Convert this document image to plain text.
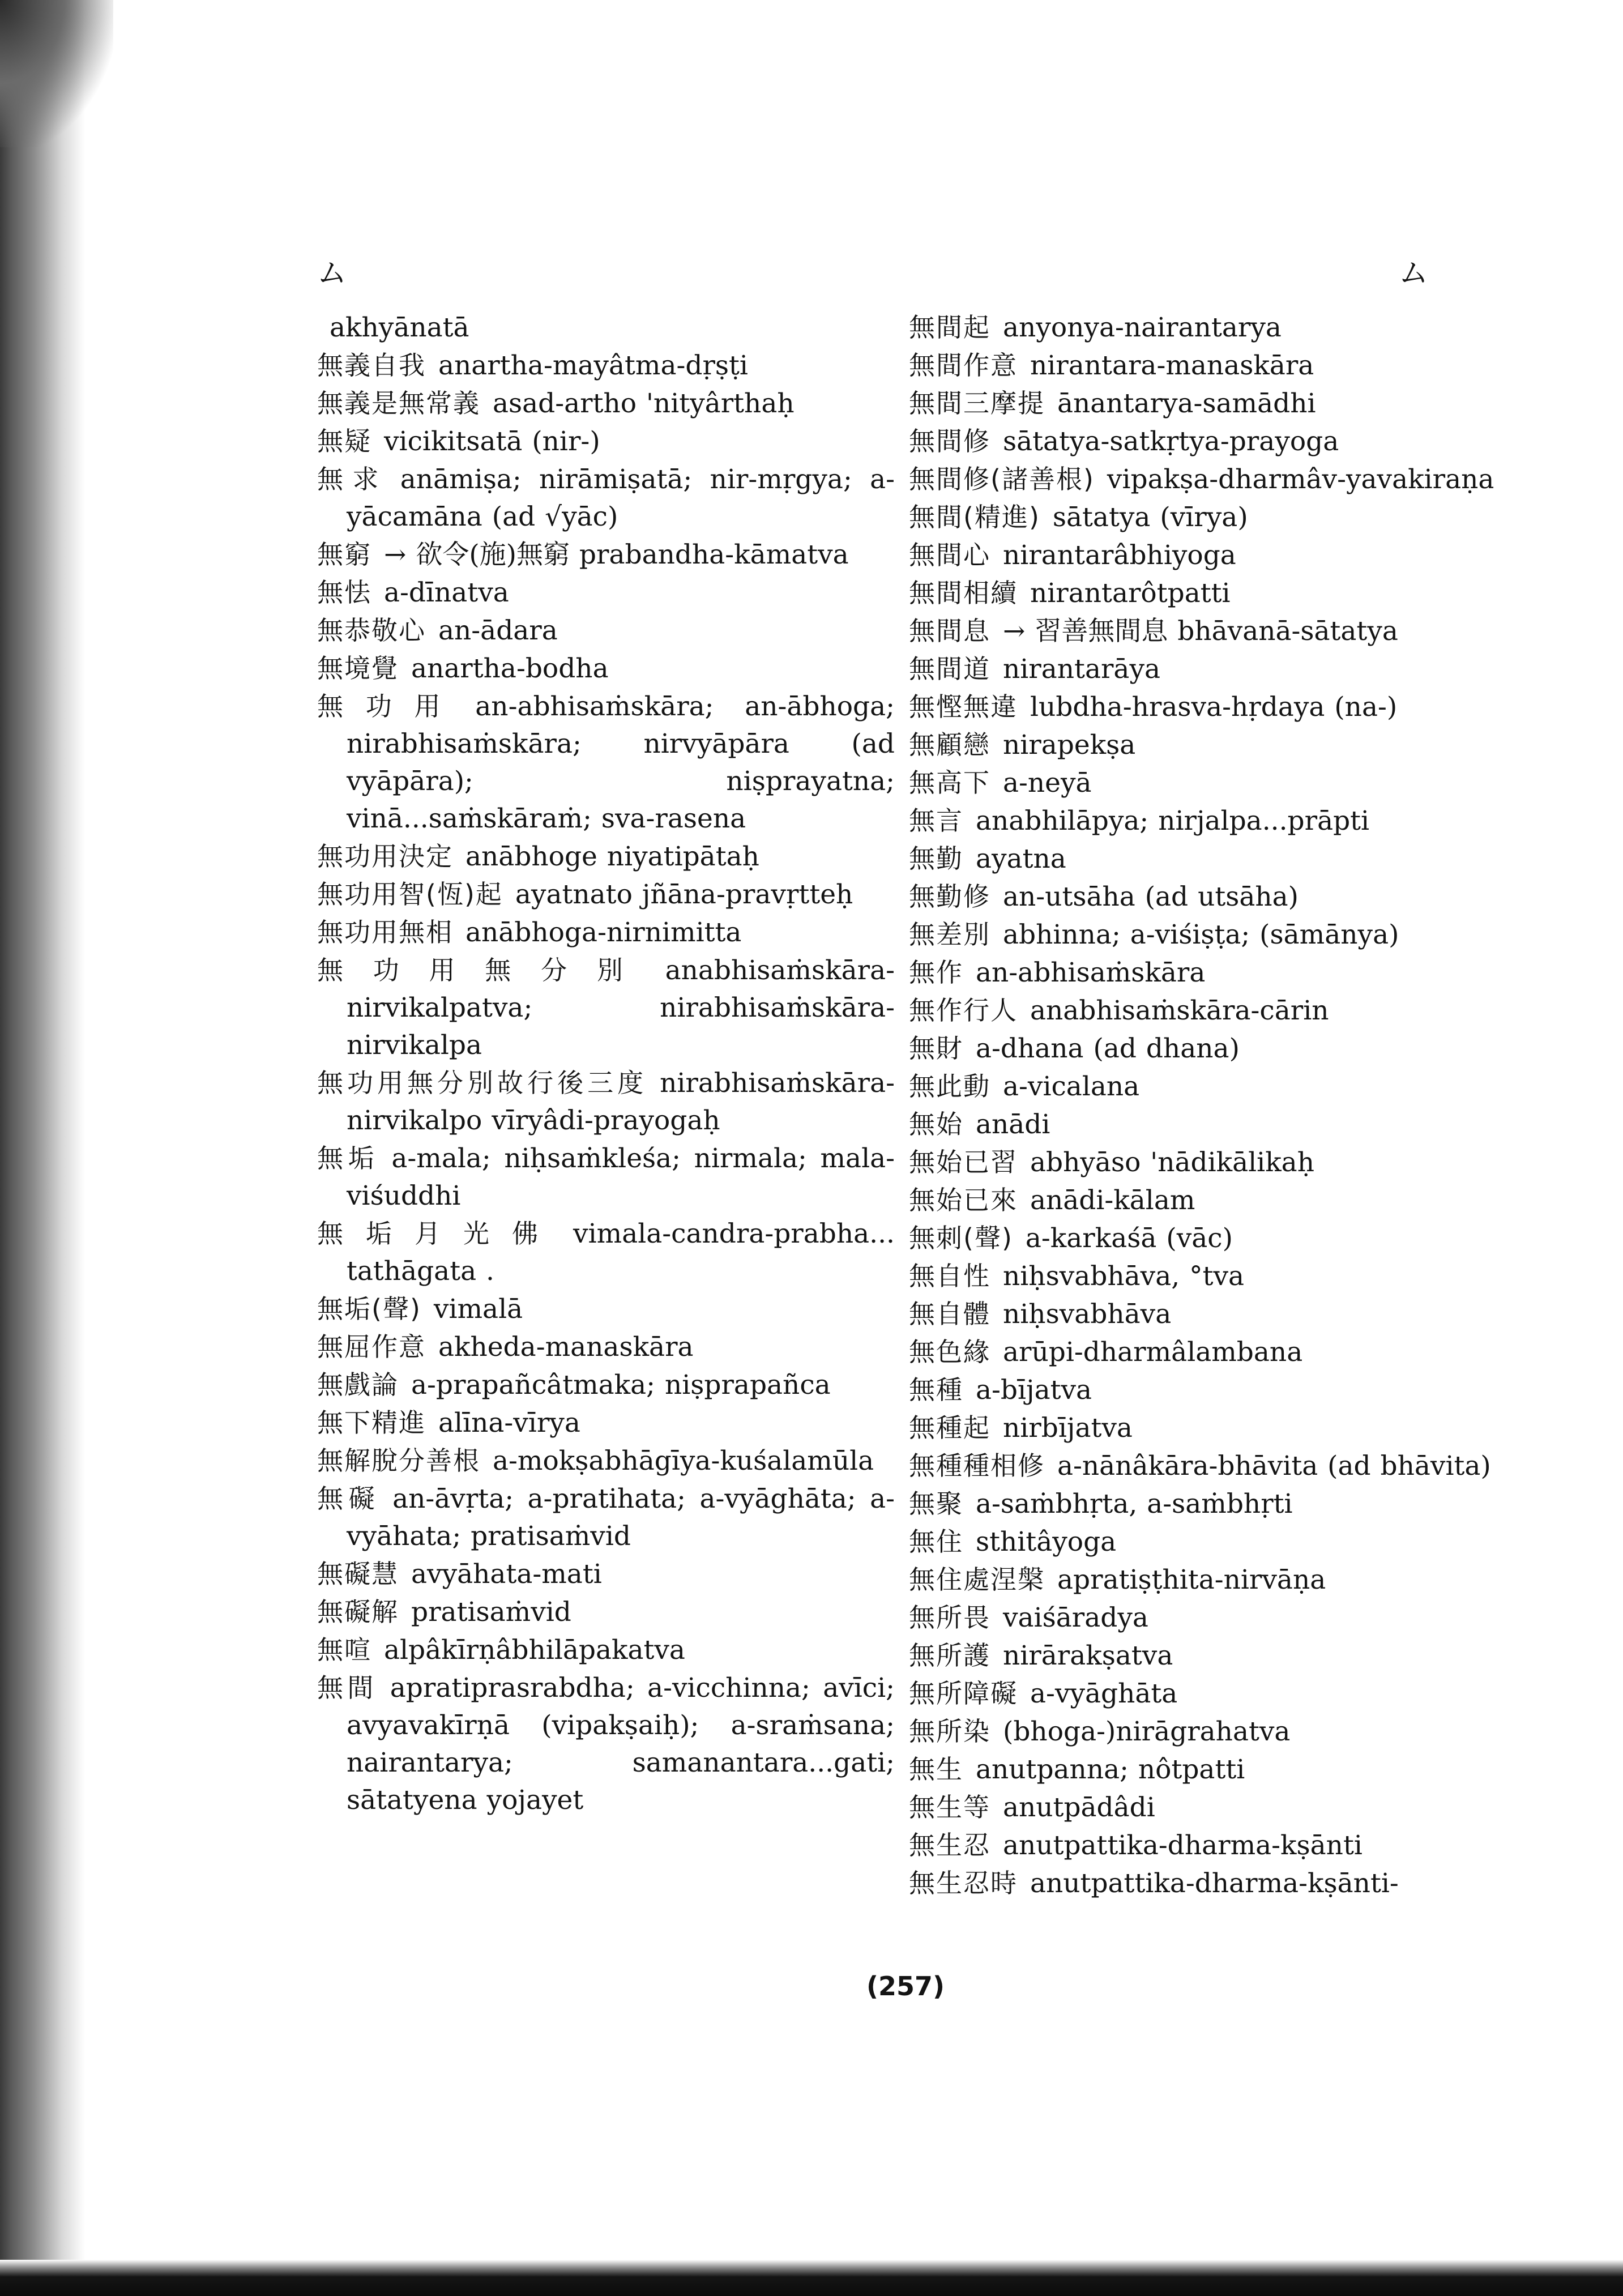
ム	ム

akhyānatā

無義自我 anartha-mayâtma-dṛṣṭi

無義是無常義 asad-artho 'nityârthaḥ

無疑 vicikitsatā (nir-)

無求 anāmiṣa; nirāmiṣatā; nir-mṛgya; a-yācamāna (ad √yāc)

無窮 → 欲令(施)無窮 prabandha-kāmatva

無怯 a-dīnatva

無恭敬心 an-ādara

無境覺 anartha-bodha

無功用 an-abhisaṁskāra; an-ābhoga; nirabhisaṁskāra; nirvyāpāra (ad vyāpāra); niṣprayatna; vinā...saṁskāraṁ; sva-rasena

無功用決定 anābhoge niyatipātaḥ

無功用智(恆)起 ayatnato jñāna-pravṛtteḥ

無功用無相 anābhoga-nirnimitta

無功用無分別 anabhisaṁskāra-nirvikalpatva; nirabhisaṁskāra-nirvikalpa

無功用無分別故行後三度 nirabhisaṁskāra-nirvikalpo vīryâdi-prayogaḥ

無垢 a-mala; niḥsaṁkleśa; nirmala; mala-viśuddhi

無垢月光佛 vimala-candra-prabha... tathāgata .

無垢(聲) vimalā

無屈作意 akheda-manaskāra

無戲論 a-prapañcâtmaka; niṣprapañca

無下精進 alīna-vīrya

無解脫分善根 a-mokṣabhāgīya-kuśalamūla

無礙 an-āvṛta; a-pratihata; a-vyāghāta; a-vyāhata; pratisaṁvid

無礙慧 avyāhata-mati

無礙解 pratisaṁvid

無喧 alpâkīrṇâbhilāpakatva

無間 apratiprasrabdha; a-vicchinna; avīci; avyavakīrṇā (vipakṣaiḥ); a-sraṁsana; nairantarya; samanantara...gati; sātatyena yojayet

無間起 anyonya-nairantarya

無間作意 nirantara-manaskāra

無間三摩提 ānantarya-samādhi

無間修 sātatya-satkṛtya-prayoga

無間修(諸善根) vipakṣa-dharmâv-yavakiraṇa

無間(精進) sātatya (vīrya)

無間心 nirantarâbhiyoga

無間相續 nirantarôtpatti

無間息 → 習善無間息 bhāvanā-sātatya

無間道 nirantarāya

無慳無違 lubdha-hrasva-hṛdaya (na-)

無顧戀 nirapekṣa

無高下 a-neyā

無言 anabhilāpya; nirjalpa...prāpti

無勤 ayatna

無勤修 an-utsāha (ad utsāha)

無差別 abhinna; a-viśiṣṭa; (sāmānya)

無作 an-abhisaṁskāra

無作行人 anabhisaṁskāra-cārin

無財 a-dhana (ad dhana)

無此動 a-vicalana

無始 anādi

無始已習 abhyāso 'nādikālikaḥ

無始已來 anādi-kālam

無刺(聲) a-karkaśā (vāc)

無自性 niḥsvabhāva, °tva

無自體 niḥsvabhāva

無色緣 arūpi-dharmâlambana

無種 a-bījatva

無種起 nirbījatva

無種種相修 a-nānâkāra-bhāvita (ad bhāvita)

無聚 a-saṁbhṛta, a-saṁbhṛti

無住 sthitâyoga

無住處涅槃 apratiṣṭhita-nirvāṇa

無所畏 vaiśāradya

無所護 nirārakṣatva

無所障礙 a-vyāghāta

無所染 (bhoga-)nirāgrahatva

無生 anutpanna; nôtpatti

無生等 anutpādâdi

無生忍 anutpattika-dharma-kṣānti

無生忍時 anutpattika-dharma-kṣānti-

(257)
